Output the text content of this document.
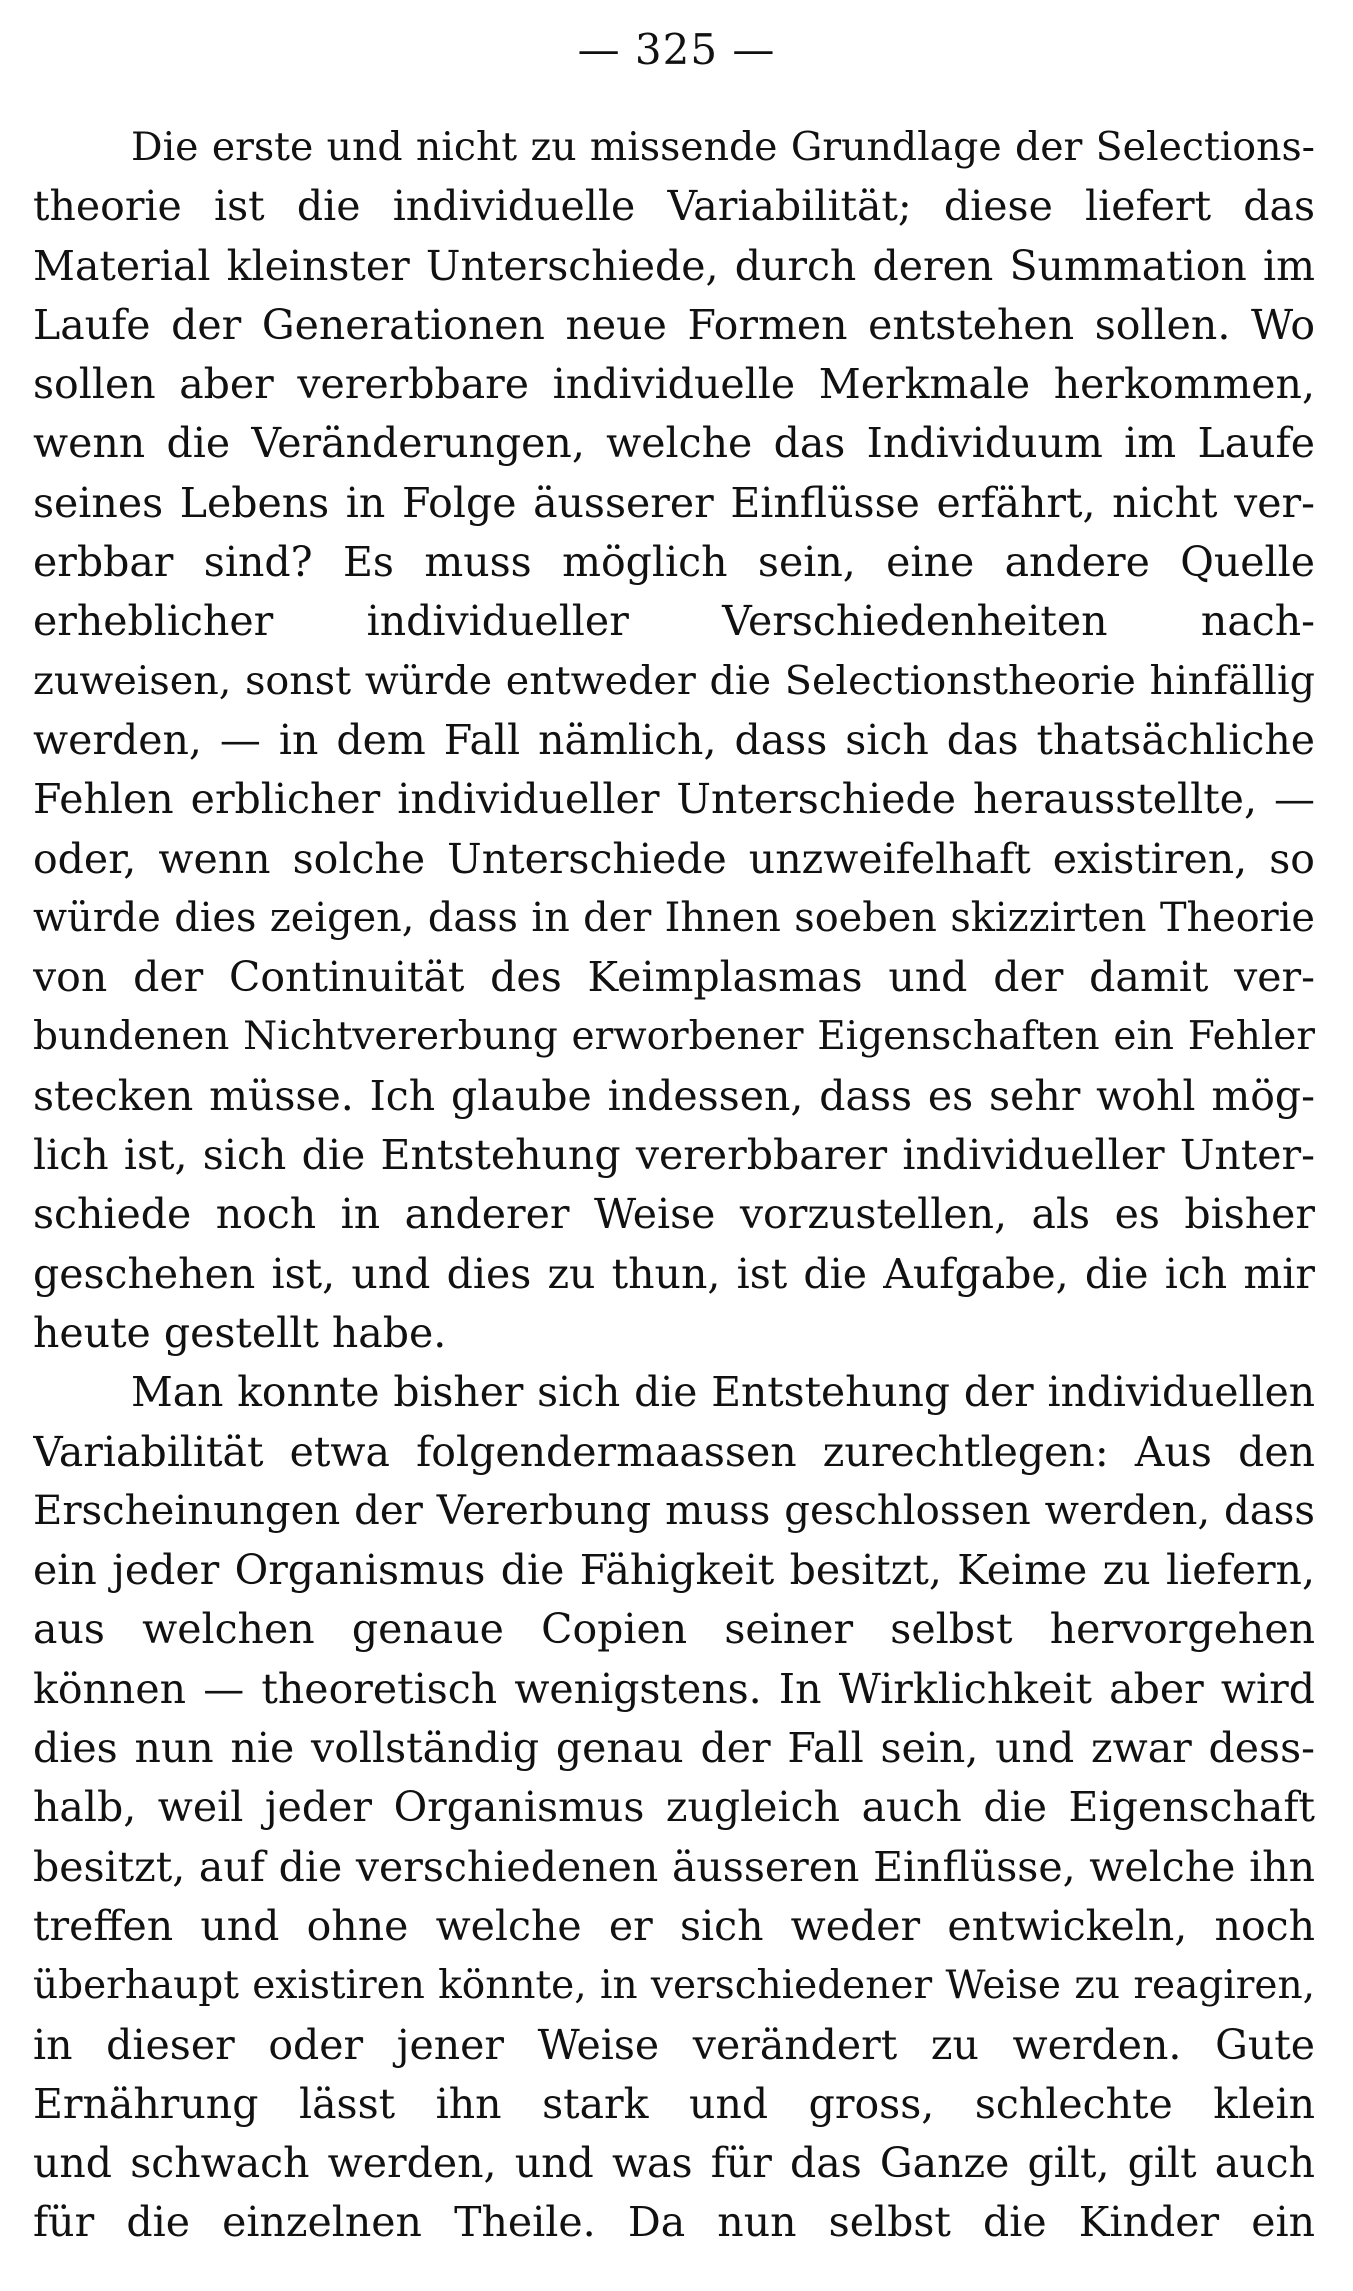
— 325 —
Die erste und nicht zu missende Grundlage der Selections-
theorie ist die individuelle Variabilität; diese liefert das
Material kleinster Unterschiede, durch deren Summation im
Laufe der Generationen neue Formen entstehen sollen. Wo
sollen aber vererbbare individuelle Merkmale herkommen,
wenn die Veränderungen, welche das Individuum im Laufe
seines Lebens in Folge äusserer Einflüsse erfährt, nicht ver-
erbbar sind? Es muss möglich sein, eine andere Quelle
erheblicher individueller Verschiedenheiten nach-
zuweisen, sonst würde entweder die Selectionstheorie hinfällig
werden, — in dem Fall nämlich, dass sich das thatsächliche
Fehlen erblicher individueller Unterschiede herausstellte, —
oder, wenn solche Unterschiede unzweifelhaft existiren, so
würde dies zeigen, dass in der Ihnen soeben skizzirten Theorie
von der Continuität des Keimplasmas und der damit ver-
bundenen Nichtvererbung erworbener Eigenschaften ein Fehler
stecken müsse. Ich glaube indessen, dass es sehr wohl mög-
lich ist, sich die Entstehung vererbbarer individueller Unter-
schiede noch in anderer Weise vorzustellen, als es bisher
geschehen ist, und dies zu thun, ist die Aufgabe, die ich mir
heute gestellt habe.
Man konnte bisher sich die Entstehung der individuellen
Variabilität etwa folgendermaassen zurechtlegen: Aus den
Erscheinungen der Vererbung muss geschlossen werden, dass
ein jeder Organismus die Fähigkeit besitzt, Keime zu liefern,
aus welchen genaue Copien seiner selbst hervorgehen
können — theoretisch wenigstens. In Wirklichkeit aber wird
dies nun nie vollständig genau der Fall sein, und zwar dess-
halb, weil jeder Organismus zugleich auch die Eigenschaft
besitzt, auf die verschiedenen äusseren Einflüsse, welche ihn
treffen und ohne welche er sich weder entwickeln, noch
überhaupt existiren könnte, in verschiedener Weise zu reagiren,
in dieser oder jener Weise verändert zu werden. Gute
Ernährung lässt ihn stark und gross, schlechte klein
und schwach werden, und was für das Ganze gilt, gilt auch
für die einzelnen Theile. Da nun selbst die Kinder ein
